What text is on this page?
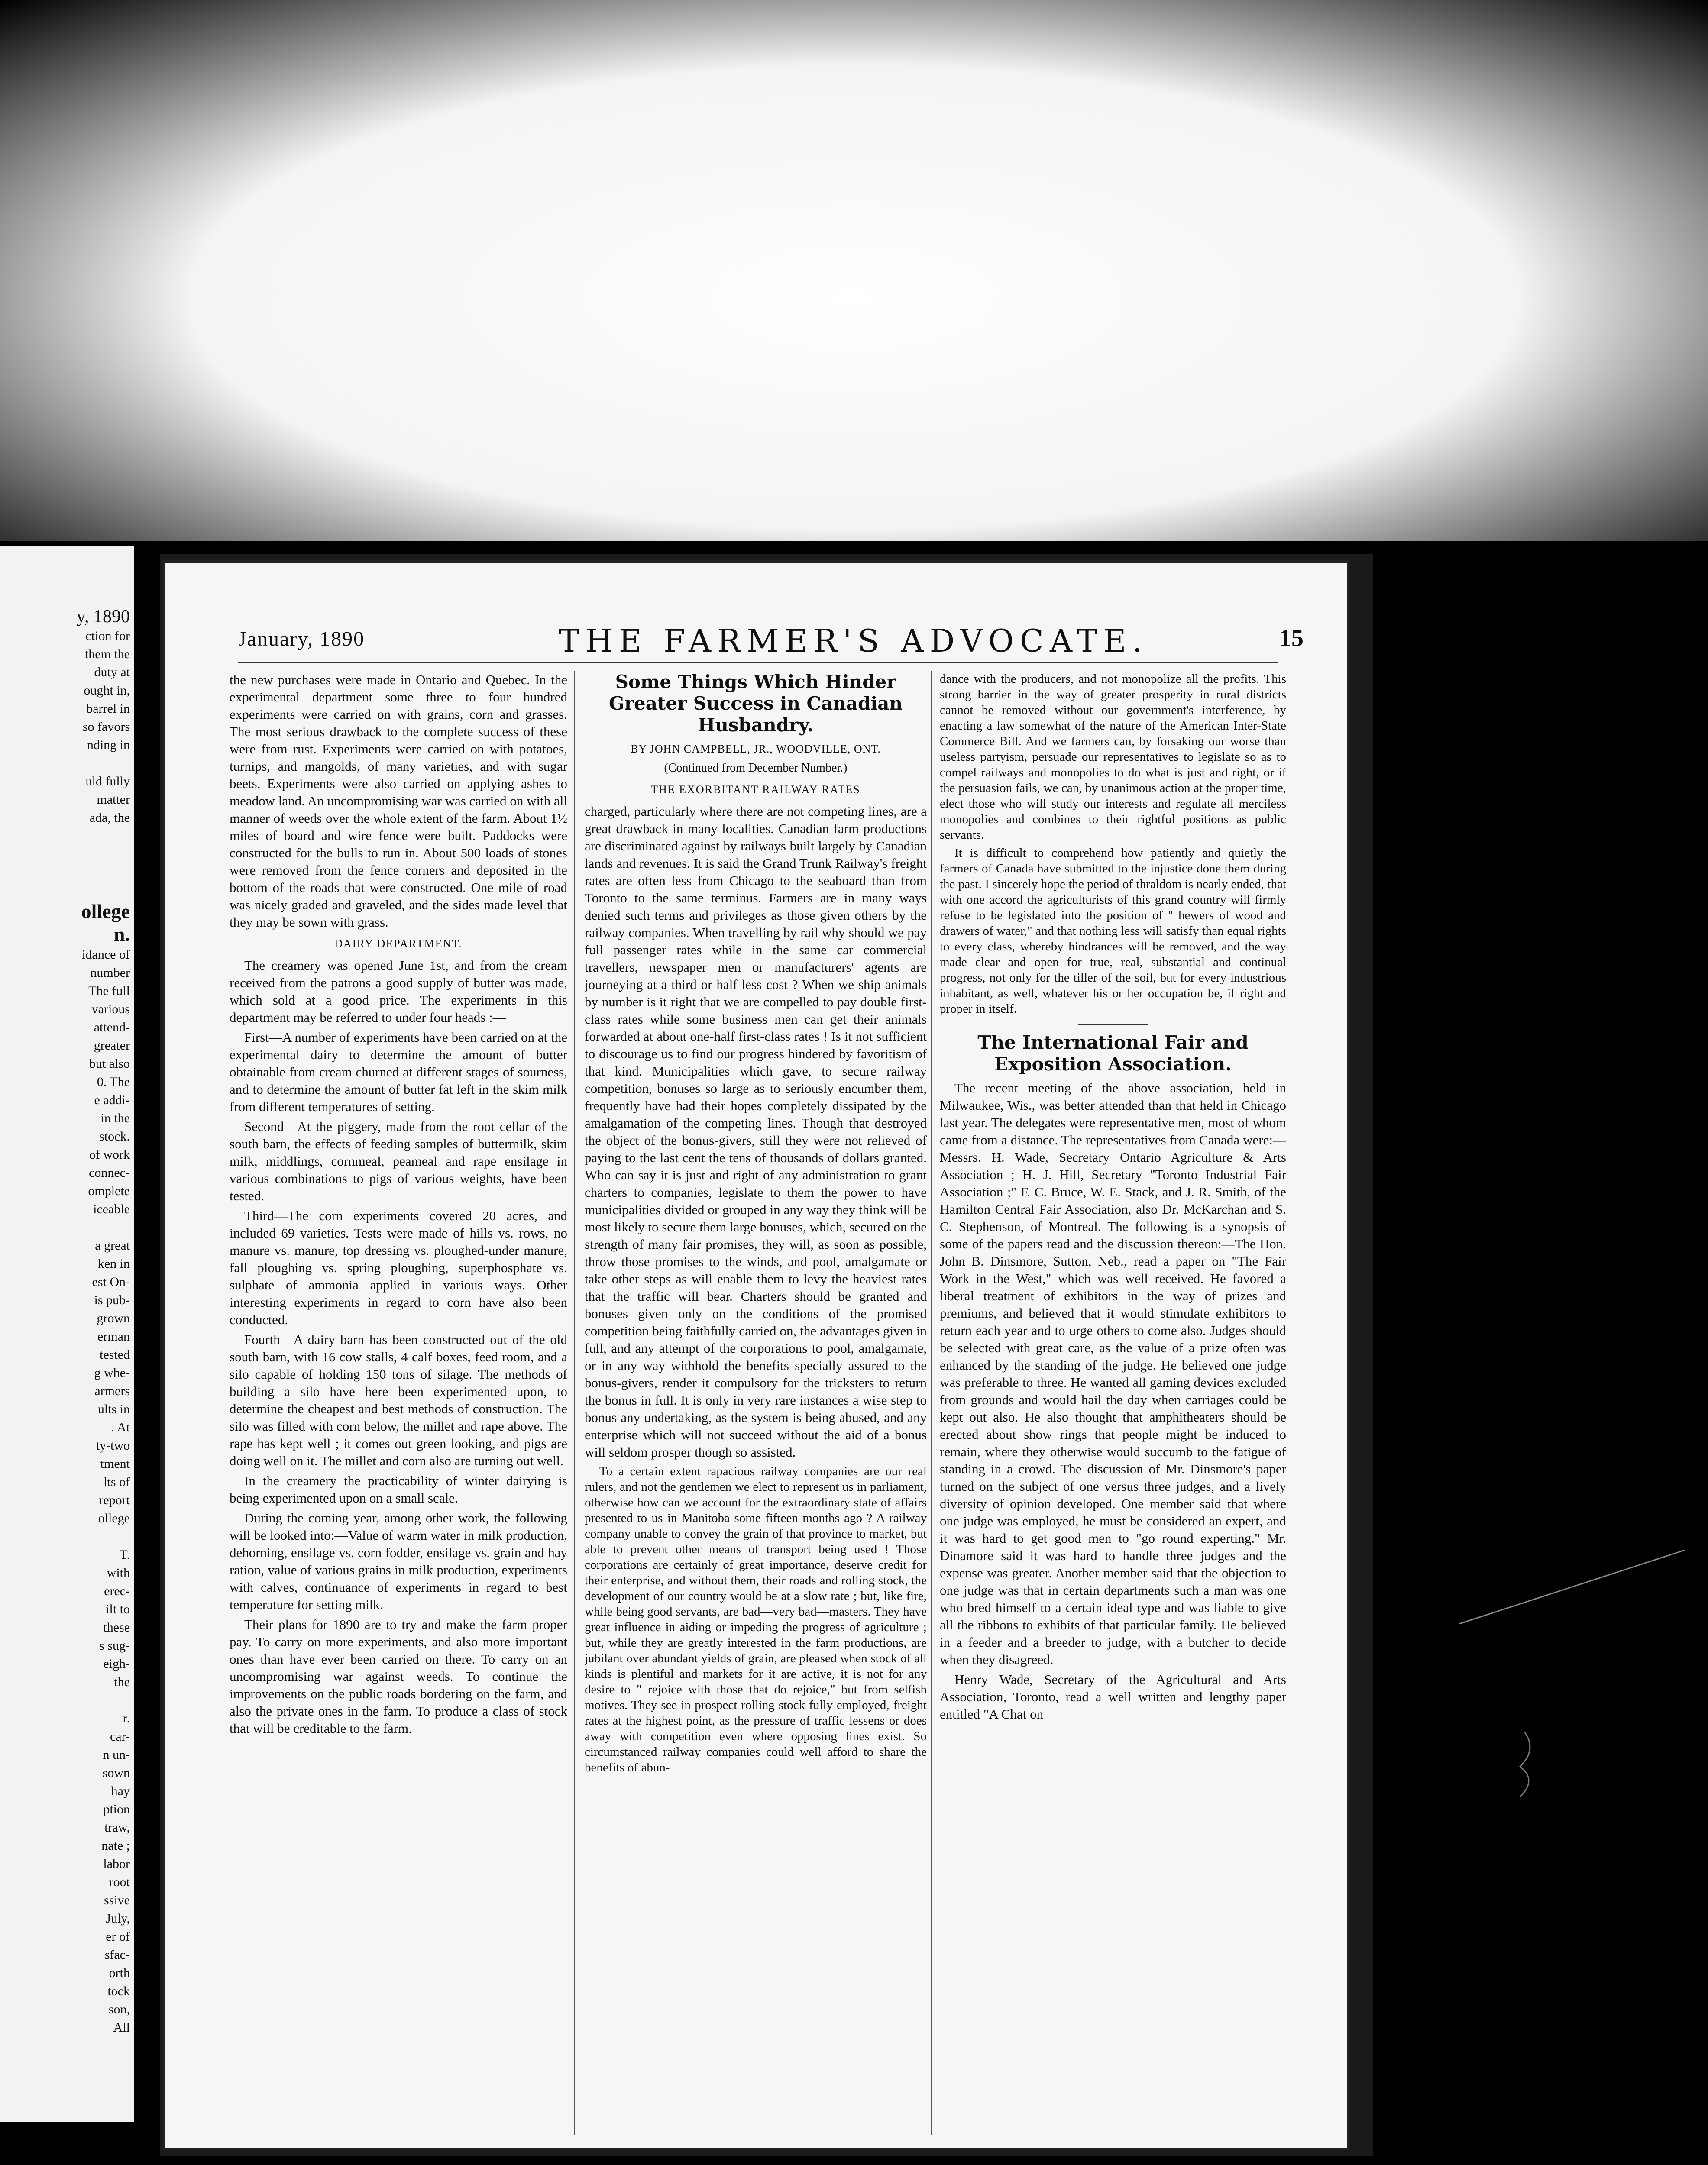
y, 1890

ction for

them the

duty at

ought in,

barrel in

so favors

nding in

uld fully

matter

ada, the

ollege
n.

idance of

number

The full

various

attend-

greater

but also

0. The

e addi-

in the

stock.

of work

connec-

omplete

iceable

a great

ken in

est On-

is pub-

grown

erman

tested

g whe-

armers

ults in

. At

ty-two

tment

lts of

report

ollege

T.

with

erec-

ilt to

these

s sug-

eigh-

the

r.

car-

n un-

sown

hay

ption

traw,

nate ;

labor

root

ssive

July,

er of

sfac-

orth

tock

son,

All

January, 1890	THE FARMER'S ADVOCATE.	15

the new purchases were made in Ontario and Quebec. In the experimental department some three to four hundred experiments were carried on with grains, corn and grasses. The most serious drawback to the complete success of these were from rust. Experiments were carried on with potatoes, turnips, and mangolds, of many varieties, and with sugar beets. Experiments were also carried on applying ashes to meadow land. An uncompromising war was carried on with all manner of weeds over the whole extent of the farm. About 1½ miles of board and wire fence were built. Paddocks were constructed for the bulls to run in. About 500 loads of stones were removed from the fence corners and deposited in the bottom of the roads that were constructed. One mile of road was nicely graded and graveled, and the sides made level that they may be sown with grass.

DAIRY DEPARTMENT.

The creamery was opened June 1st, and from the cream received from the patrons a good supply of butter was made, which sold at a good price. The experiments in this department may be referred to under four heads :—

First—A number of experiments have been carried on at the experimental dairy to determine the amount of butter obtainable from cream churned at different stages of sourness, and to determine the amount of butter fat left in the skim milk from different temperatures of setting.

Second—At the piggery, made from the root cellar of the south barn, the effects of feeding samples of buttermilk, skim milk, middlings, cornmeal, peameal and rape ensilage in various combinations to pigs of various weights, have been tested.

Third—The corn experiments covered 20 acres, and included 69 varieties. Tests were made of hills vs. rows, no manure vs. manure, top dressing vs. ploughed-under manure, fall ploughing vs. spring ploughing, superphosphate vs. sulphate of ammonia applied in various ways. Other interesting experiments in regard to corn have also been conducted.

Fourth—A dairy barn has been constructed out of the old south barn, with 16 cow stalls, 4 calf boxes, feed room, and a silo capable of holding 150 tons of silage. The methods of building a silo have here been experimented upon, to determine the cheapest and best methods of construction. The silo was filled with corn below, the millet and rape above. The rape has kept well ; it comes out green looking, and pigs are doing well on it. The millet and corn also are turning out well.

In the creamery the practicability of winter dairying is being experimented upon on a small scale.

During the coming year, among other work, the following will be looked into:—Value of warm water in milk production, dehorning, ensilage vs. corn fodder, ensilage vs. grain and hay ration, value of various grains in milk production, experiments with calves, continuance of experiments in regard to best temperature for setting milk.

Their plans for 1890 are to try and make the farm proper pay. To carry on more experiments, and also more important ones than have ever been carried on there. To carry on an uncompromising war against weeds. To continue the improvements on the public roads bordering on the farm, and also the private ones in the farm. To produce a class of stock that will be creditable to the farm.

Some Things Which Hinder Greater Success in Canadian Husbandry.
BY JOHN CAMPBELL, JR., WOODVILLE, ONT.
(Continued from December Number.)

THE EXORBITANT RAILWAY RATES

charged, particularly where there are not competing lines, are a great drawback in many localities. Canadian farm productions are discriminated against by railways built largely by Canadian lands and revenues. It is said the Grand Trunk Railway's freight rates are often less from Chicago to the seaboard than from Toronto to the same terminus. Farmers are in many ways denied such terms and privileges as those given others by the railway companies. When travelling by rail why should we pay full passenger rates while in the same car commercial travellers, newspaper men or manufacturers' agents are journeying at a third or half less cost ? When we ship animals by number is it right that we are compelled to pay double first-class rates while some business men can get their animals forwarded at about one-half first-class rates ! Is it not sufficient to discourage us to find our progress hindered by favoritism of that kind. Municipalities which gave, to secure railway competition, bonuses so large as to seriously encumber them, frequently have had their hopes completely dissipated by the amalgamation of the competing lines. Though that destroyed the object of the bonus-givers, still they were not relieved of paying to the last cent the tens of thousands of dollars granted. Who can say it is just and right of any administration to grant charters to companies, legislate to them the power to have municipalities divided or grouped in any way they think will be most likely to secure them large bonuses, which, secured on the strength of many fair promises, they will, as soon as possible, throw those promises to the winds, and pool, amalgamate or take other steps as will enable them to levy the heaviest rates that the traffic will bear. Charters should be granted and bonuses given only on the conditions of the promised competition being faithfully carried on, the advantages given in full, and any attempt of the corporations to pool, amalgamate, or in any way withhold the benefits specially assured to the bonus-givers, render it compulsory for the tricksters to return the bonus in full. It is only in very rare instances a wise step to bonus any undertaking, as the system is being abused, and any enterprise which will not succeed without the aid of a bonus will seldom prosper though so assisted.

To a certain extent rapacious railway companies are our real rulers, and not the gentlemen we elect to represent us in parliament, otherwise how can we account for the extraordinary state of affairs presented to us in Manitoba some fifteen months ago ? A railway company unable to convey the grain of that province to market, but able to prevent other means of transport being used ! Those corporations are certainly of great importance, deserve credit for their enterprise, and without them, their roads and rolling stock, the development of our country would be at a slow rate ; but, like fire, while being good servants, are bad—very bad—masters. They have great influence in aiding or impeding the progress of agriculture ; but, while they are greatly interested in the farm productions, are jubilant over abundant yields of grain, are pleased when stock of all kinds is plentiful and markets for it are active, it is not for any desire to " rejoice with those that do rejoice," but from selfish motives. They see in prospect rolling stock fully employed, freight rates at the highest point, as the pressure of traffic lessens or does away with competition even where opposing lines exist. So circumstanced railway companies could well afford to share the benefits of abun-

dance with the producers, and not monopolize all the profits. This strong barrier in the way of greater prosperity in rural districts cannot be removed without our government's interference, by enacting a law somewhat of the nature of the American Inter-State Commerce Bill. And we farmers can, by forsaking our worse than useless partyism, persuade our representatives to legislate so as to compel railways and monopolies to do what is just and right, or if the persuasion fails, we can, by unanimous action at the proper time, elect those who will study our interests and regulate all merciless monopolies and combines to their rightful positions as public servants.

It is difficult to comprehend how patiently and quietly the farmers of Canada have submitted to the injustice done them during the past. I sincerely hope the period of thraldom is nearly ended, that with one accord the agriculturists of this grand country will firmly refuse to be legislated into the position of " hewers of wood and drawers of water," and that nothing less will satisfy than equal rights to every class, whereby hindrances will be removed, and the way made clear and open for true, real, substantial and continual progress, not only for the tiller of the soil, but for every industrious inhabitant, as well, whatever his or her occupation be, if right and proper in itself.

The International Fair and Exposition Association.

The recent meeting of the above association, held in Milwaukee, Wis., was better attended than that held in Chicago last year. The delegates were representative men, most of whom came from a distance. The representatives from Canada were:—Messrs. H. Wade, Secretary Ontario Agriculture & Arts Association ; H. J. Hill, Secretary "Toronto Industrial Fair Association ;" F. C. Bruce, W. E. Stack, and J. R. Smith, of the Hamilton Central Fair Association, also Dr. McKarchan and S. C. Stephenson, of Montreal. The following is a synopsis of some of the papers read and the discussion thereon:—The Hon. John B. Dinsmore, Sutton, Neb., read a paper on "The Fair Work in the West," which was well received. He favored a liberal treatment of exhibitors in the way of prizes and premiums, and believed that it would stimulate exhibitors to return each year and to urge others to come also. Judges should be selected with great care, as the value of a prize often was enhanced by the standing of the judge. He believed one judge was preferable to three. He wanted all gaming devices excluded from grounds and would hail the day when carriages could be kept out also. He also thought that amphitheaters should be erected about show rings that people might be induced to remain, where they otherwise would succumb to the fatigue of standing in a crowd. The discussion of Mr. Dinsmore's paper turned on the subject of one versus three judges, and a lively diversity of opinion developed. One member said that where one judge was employed, he must be considered an expert, and it was hard to get good men to "go round experting." Mr. Dinamore said it was hard to handle three judges and the expense was greater. Another member said that the objection to one judge was that in certain departments such a man was one who bred himself to a certain ideal type and was liable to give all the ribbons to exhibits of that particular family. He believed in a feeder and a breeder to judge, with a butcher to decide when they disagreed.

Henry Wade, Secretary of the Agricultural and Arts Association, Toronto, read a well written and lengthy paper entitled "A Chat on
